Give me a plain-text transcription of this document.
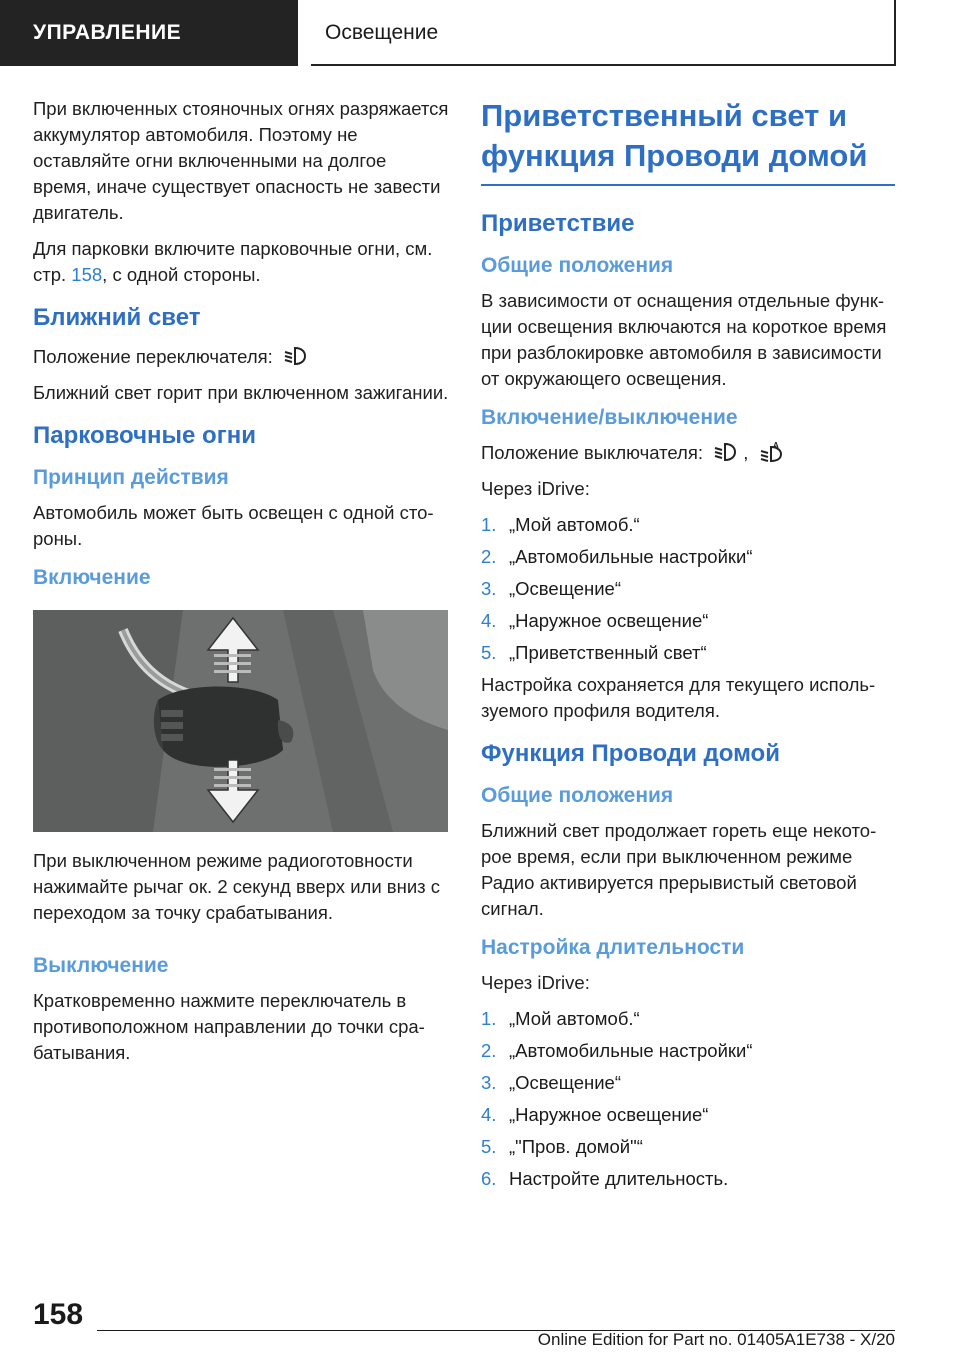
УПРАВЛЕНИЕ	Освещение

При включенных стояночных огнях разряжается аккумулятор автомобиля. Поэтому не оставляйте огни включенными на долгое время, иначе существует опасность не завести двигатель.

Для парковки включите парковочные огни, см. стр. 158, с одной стороны.

Ближний свет

Положение переключателя:

Ближний свет горит при включенном зажигании.

Парковочные огни
Принцип действия

Автомобиль может быть освещен с одной стороны.

Включение

При выключенном режиме радиоготовности нажимайте рычаг ок. 2 секунд вверх или вниз с переходом за точку срабатывания.

Выключение

Кратковременно нажмите переключатель в противоположном направлении до точки срабатывания.

Приветственный свет и функция Проводи домой
Приветствие
Общие положения

В зависимости от оснащения отдельные функции освещения включаются на короткое время при разблокировке автомобиля в зависимости от окружающего освещения.

Включение/выключение

Положение выключателя: ,	A

Через iDrive:

1. „Мой автомоб.“
2. „Автомобильные настройки“
3. „Освещение“
4. „Наружное освещение“
5. „Приветственный свет“

Настройка сохраняется для текущего используемого профиля водителя.

Функция Проводи домой
Общие положения

Ближний свет продолжает гореть еще некоторое время, если при выключенном режиме Радио активируется прерывистый световой сигнал.

Настройка длительности

Через iDrive:

1. „Мой автомоб.“
2. „Автомобильные настройки“
3. „Освещение“
4. „Наружное освещение“
5. „"Пров. домой"“
6. Настройте длительность.
158
Online Edition for Part no. 01405A1E738 - X/20
